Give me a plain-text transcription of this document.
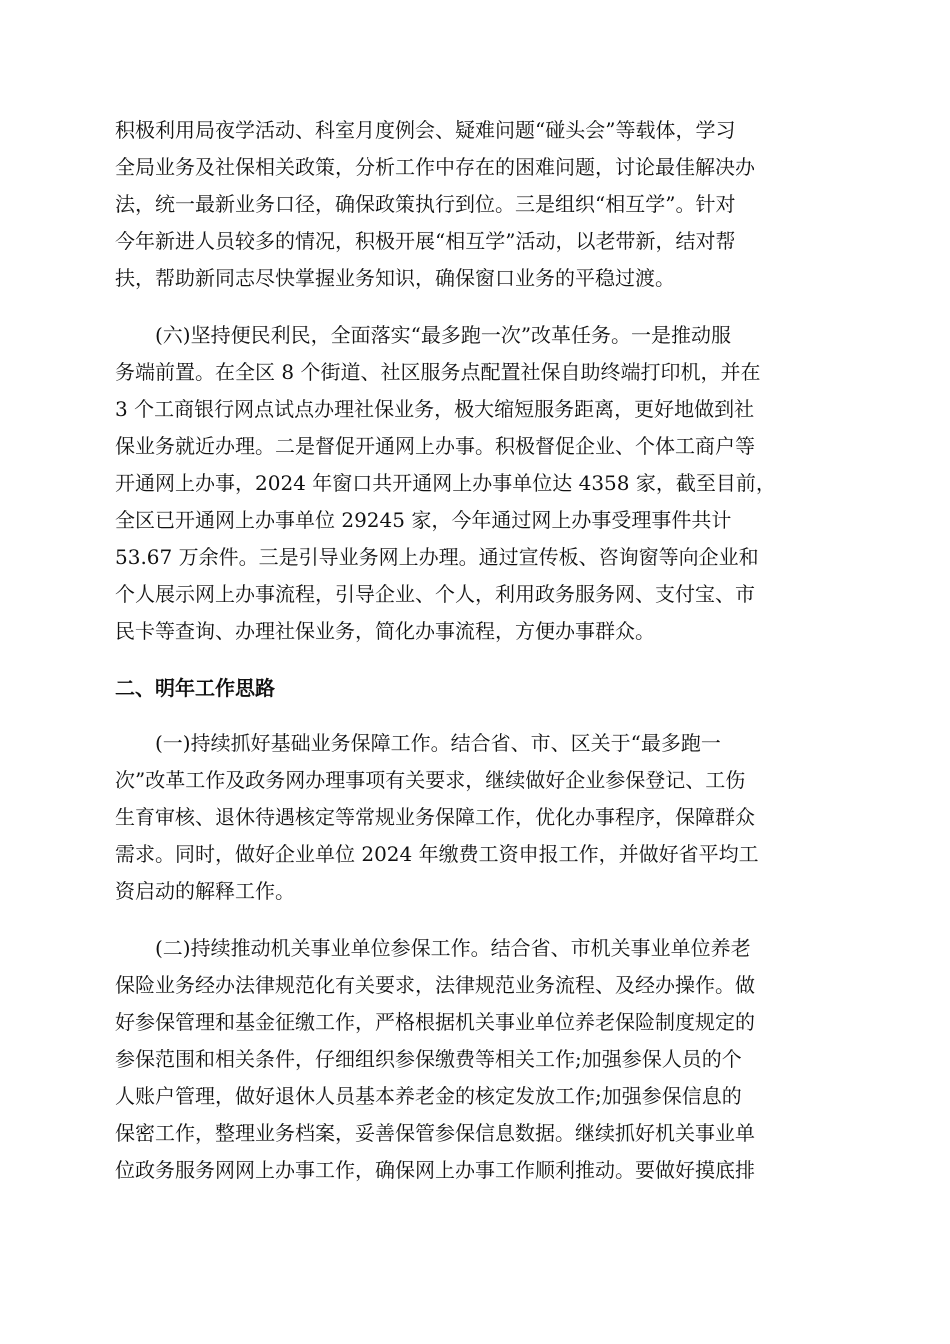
积极利用局夜学活动、科室月度例会、疑难问题“碰头会”等载体，学习
全局业务及社保相关政策，分析工作中存在的困难问题，讨论最佳解决办
法，统一最新业务口径，确保政策执行到位。三是组织“相互学”。针对
今年新进人员较多的情况，积极开展“相互学”活动，以老带新，结对帮
扶，帮助新同志尽快掌握业务知识，确保窗口业务的平稳过渡。
(六)坚持便民利民，全面落实“最多跑一次”改革任务。一是推动服
务端前置。在全区 8 个街道、社区服务点配置社保自助终端打印机，并在
3 个工商银行网点试点办理社保业务，极大缩短服务距离，更好地做到社
保业务就近办理。二是督促开通网上办事。积极督促企业、个体工商户等
开通网上办事，2024 年窗口共开通网上办事单位达 4358 家，截至目前，
全区已开通网上办事单位 29245 家，今年通过网上办事受理事件共计
53.67 万余件。三是引导业务网上办理。通过宣传板、咨询窗等向企业和
个人展示网上办事流程，引导企业、个人，利用政务服务网、支付宝、市
民卡等查询、办理社保业务，简化办事流程，方便办事群众。
二、明年工作思路
(一)持续抓好基础业务保障工作。结合省、市、区关于“最多跑一
次”改革工作及政务网办理事项有关要求，继续做好企业参保登记、工伤
生育审核、退休待遇核定等常规业务保障工作，优化办事程序，保障群众
需求。同时，做好企业单位 2024 年缴费工资申报工作，并做好省平均工
资启动的解释工作。
(二)持续推动机关事业单位参保工作。结合省、市机关事业单位养老
保险业务经办法律规范化有关要求，法律规范业务流程、及经办操作。做
好参保管理和基金征缴工作，严格根据机关事业单位养老保险制度规定的
参保范围和相关条件，仔细组织参保缴费等相关工作;加强参保人员的个
人账户管理，做好退休人员基本养老金的核定发放工作;加强参保信息的
保密工作，整理业务档案，妥善保管参保信息数据。继续抓好机关事业单
位政务服务网网上办事工作，确保网上办事工作顺利推动。要做好摸底排
